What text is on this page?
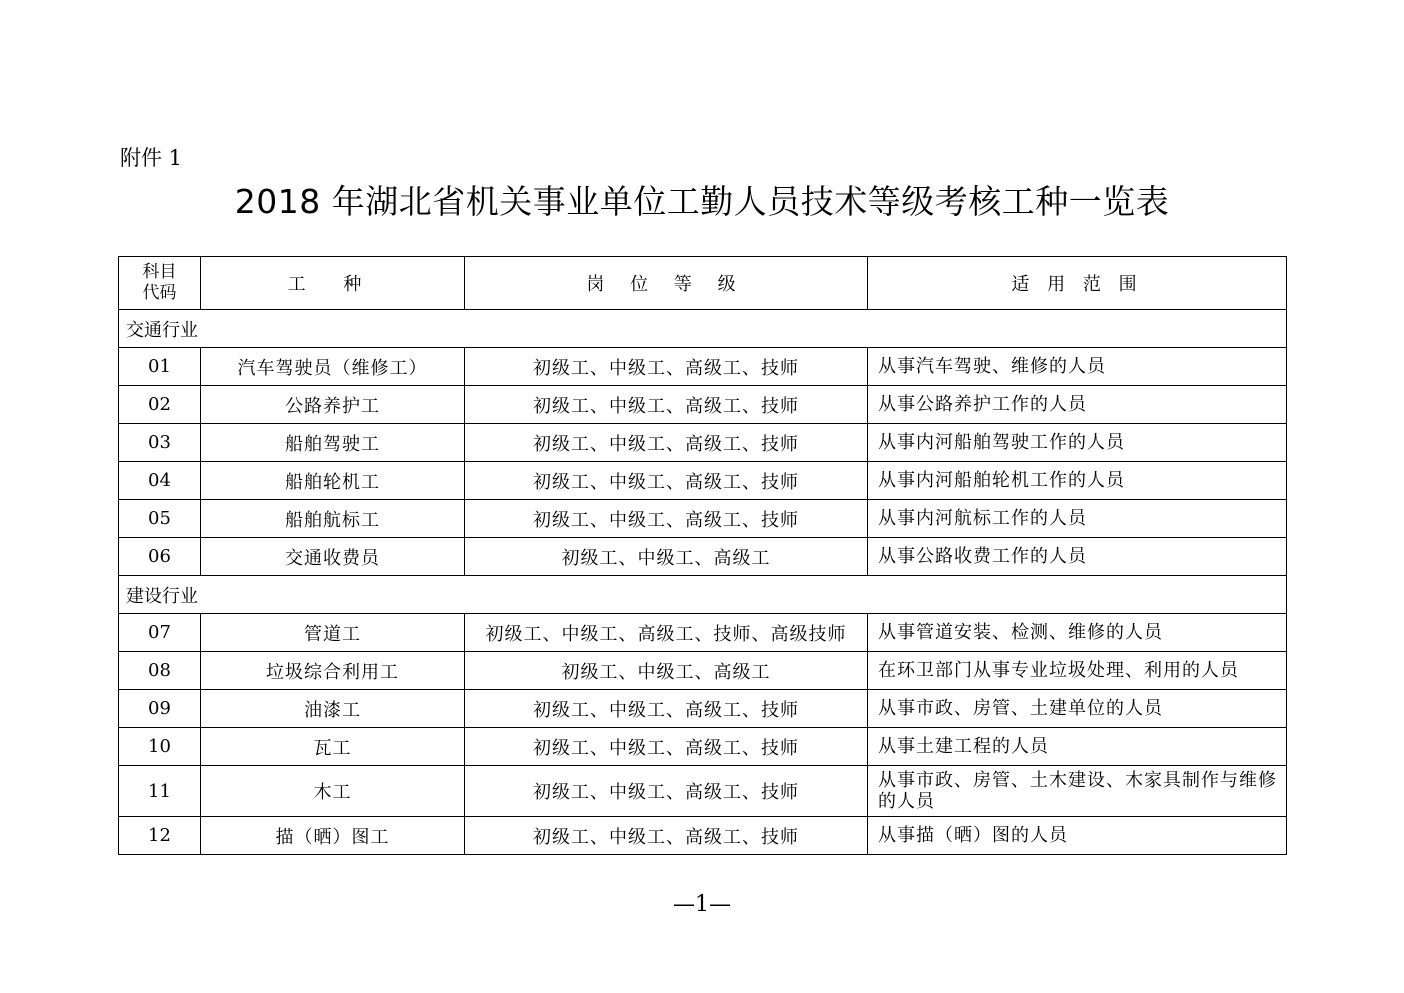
附件 1
2018 年湖北省机关事业单位工勤人员技术等级考核工种一览表
科目
代码	工 种	岗 位 等 级	适 用 范 围
交通行业			
01	汽车驾驶员（维修工）	初级工、中级工、高级工、技师	从事汽车驾驶、维修的人员
02	公路养护工	初级工、中级工、高级工、技师	从事公路养护工作的人员
03	船舶驾驶工	初级工、中级工、高级工、技师	从事内河船舶驾驶工作的人员
04	船舶轮机工	初级工、中级工、高级工、技师	从事内河船舶轮机工作的人员
05	船舶航标工	初级工、中级工、高级工、技师	从事内河航标工作的人员
06	交通收费员	初级工、中级工、高级工	从事公路收费工作的人员
建设行业			
07	管道工	初级工、中级工、高级工、技师、高级技师	从事管道安装、检测、维修的人员
08	垃圾综合利用工	初级工、中级工、高级工	在环卫部门从事专业垃圾处理、利用的人员
09	油漆工	初级工、中级工、高级工、技师	从事市政、房管、土建单位的人员
10	瓦工	初级工、中级工、高级工、技师	从事土建工程的人员
11	木工	初级工、中级工、高级工、技师	从事市政、房管、土木建设、木家具制作与维修的人员
12	描（晒）图工	初级工、中级工、高级工、技师	从事描（晒）图的人员
—1—
